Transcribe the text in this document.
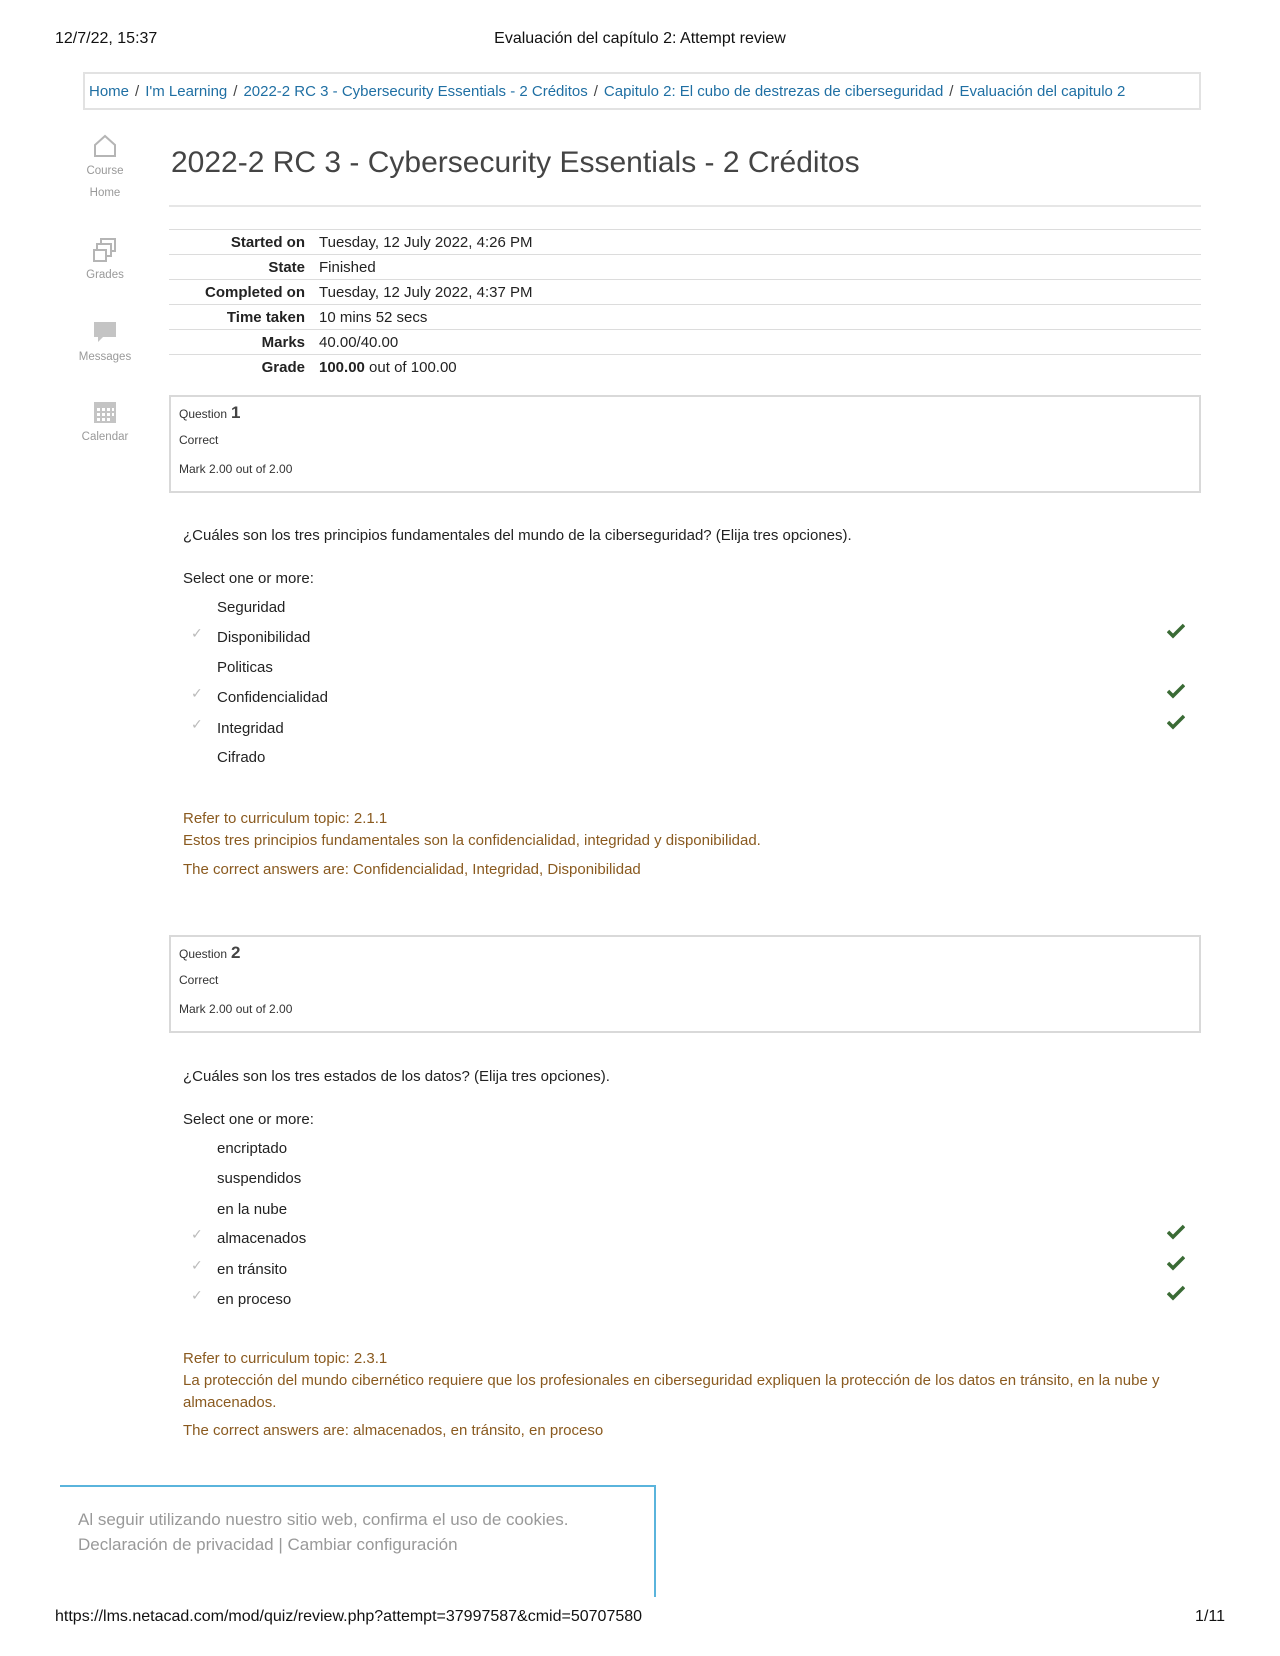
12/7/22, 15:37	Evaluación del capítulo 2: Attempt review
Home / I'm Learning / 2022-2 RC 3 - Cybersecurity Essentials - 2 Créditos / Capitulo 2: El cubo de destrezas de ciberseguridad / Evaluación del capitulo 2
Course
Home
Grades
Messages
Calendar
2022-2 RC 3 - Cybersecurity Essentials - 2 Créditos
Started on	Tuesday, 12 July 2022, 4:26 PM
State	Finished
Completed on	Tuesday, 12 July 2022, 4:37 PM
Time taken	10 mins 52 secs
Marks	40.00/40.00
Grade	100.00 out of 100.00
Question 1
Correct
Mark 2.00 out of 2.00
¿Cuáles son los tres principios fundamentales del mundo de la ciberseguridad? (Elija tres opciones).
Select one or more:
Seguridad
✓ Disponibilidad
Politicas
✓ Confidencialidad
✓ Integridad
Cifrado
Refer to curriculum topic: 2.1.1
Estos tres principios fundamentales son la confidencialidad, integridad y disponibilidad.
The correct answers are: Confidencialidad, Integridad, Disponibilidad
Question 2
Correct
Mark 2.00 out of 2.00
¿Cuáles son los tres estados de los datos? (Elija tres opciones).
Select one or more:
encriptado
suspendidos
en la nube
✓ almacenados
✓ en tránsito
✓ en proceso
Refer to curriculum topic: 2.3.1
La protección del mundo cibernético requiere que los profesionales en ciberseguridad expliquen la protección de los datos en tránsito, en la nube y almacenados.
The correct answers are: almacenados, en tránsito, en proceso
Al seguir utilizando nuestro sitio web, confirma el uso de cookies.
Declaración de privacidad | Cambiar configuración
https://lms.netacad.com/mod/quiz/review.php?attempt=37997587&cmid=50707580	1/11
